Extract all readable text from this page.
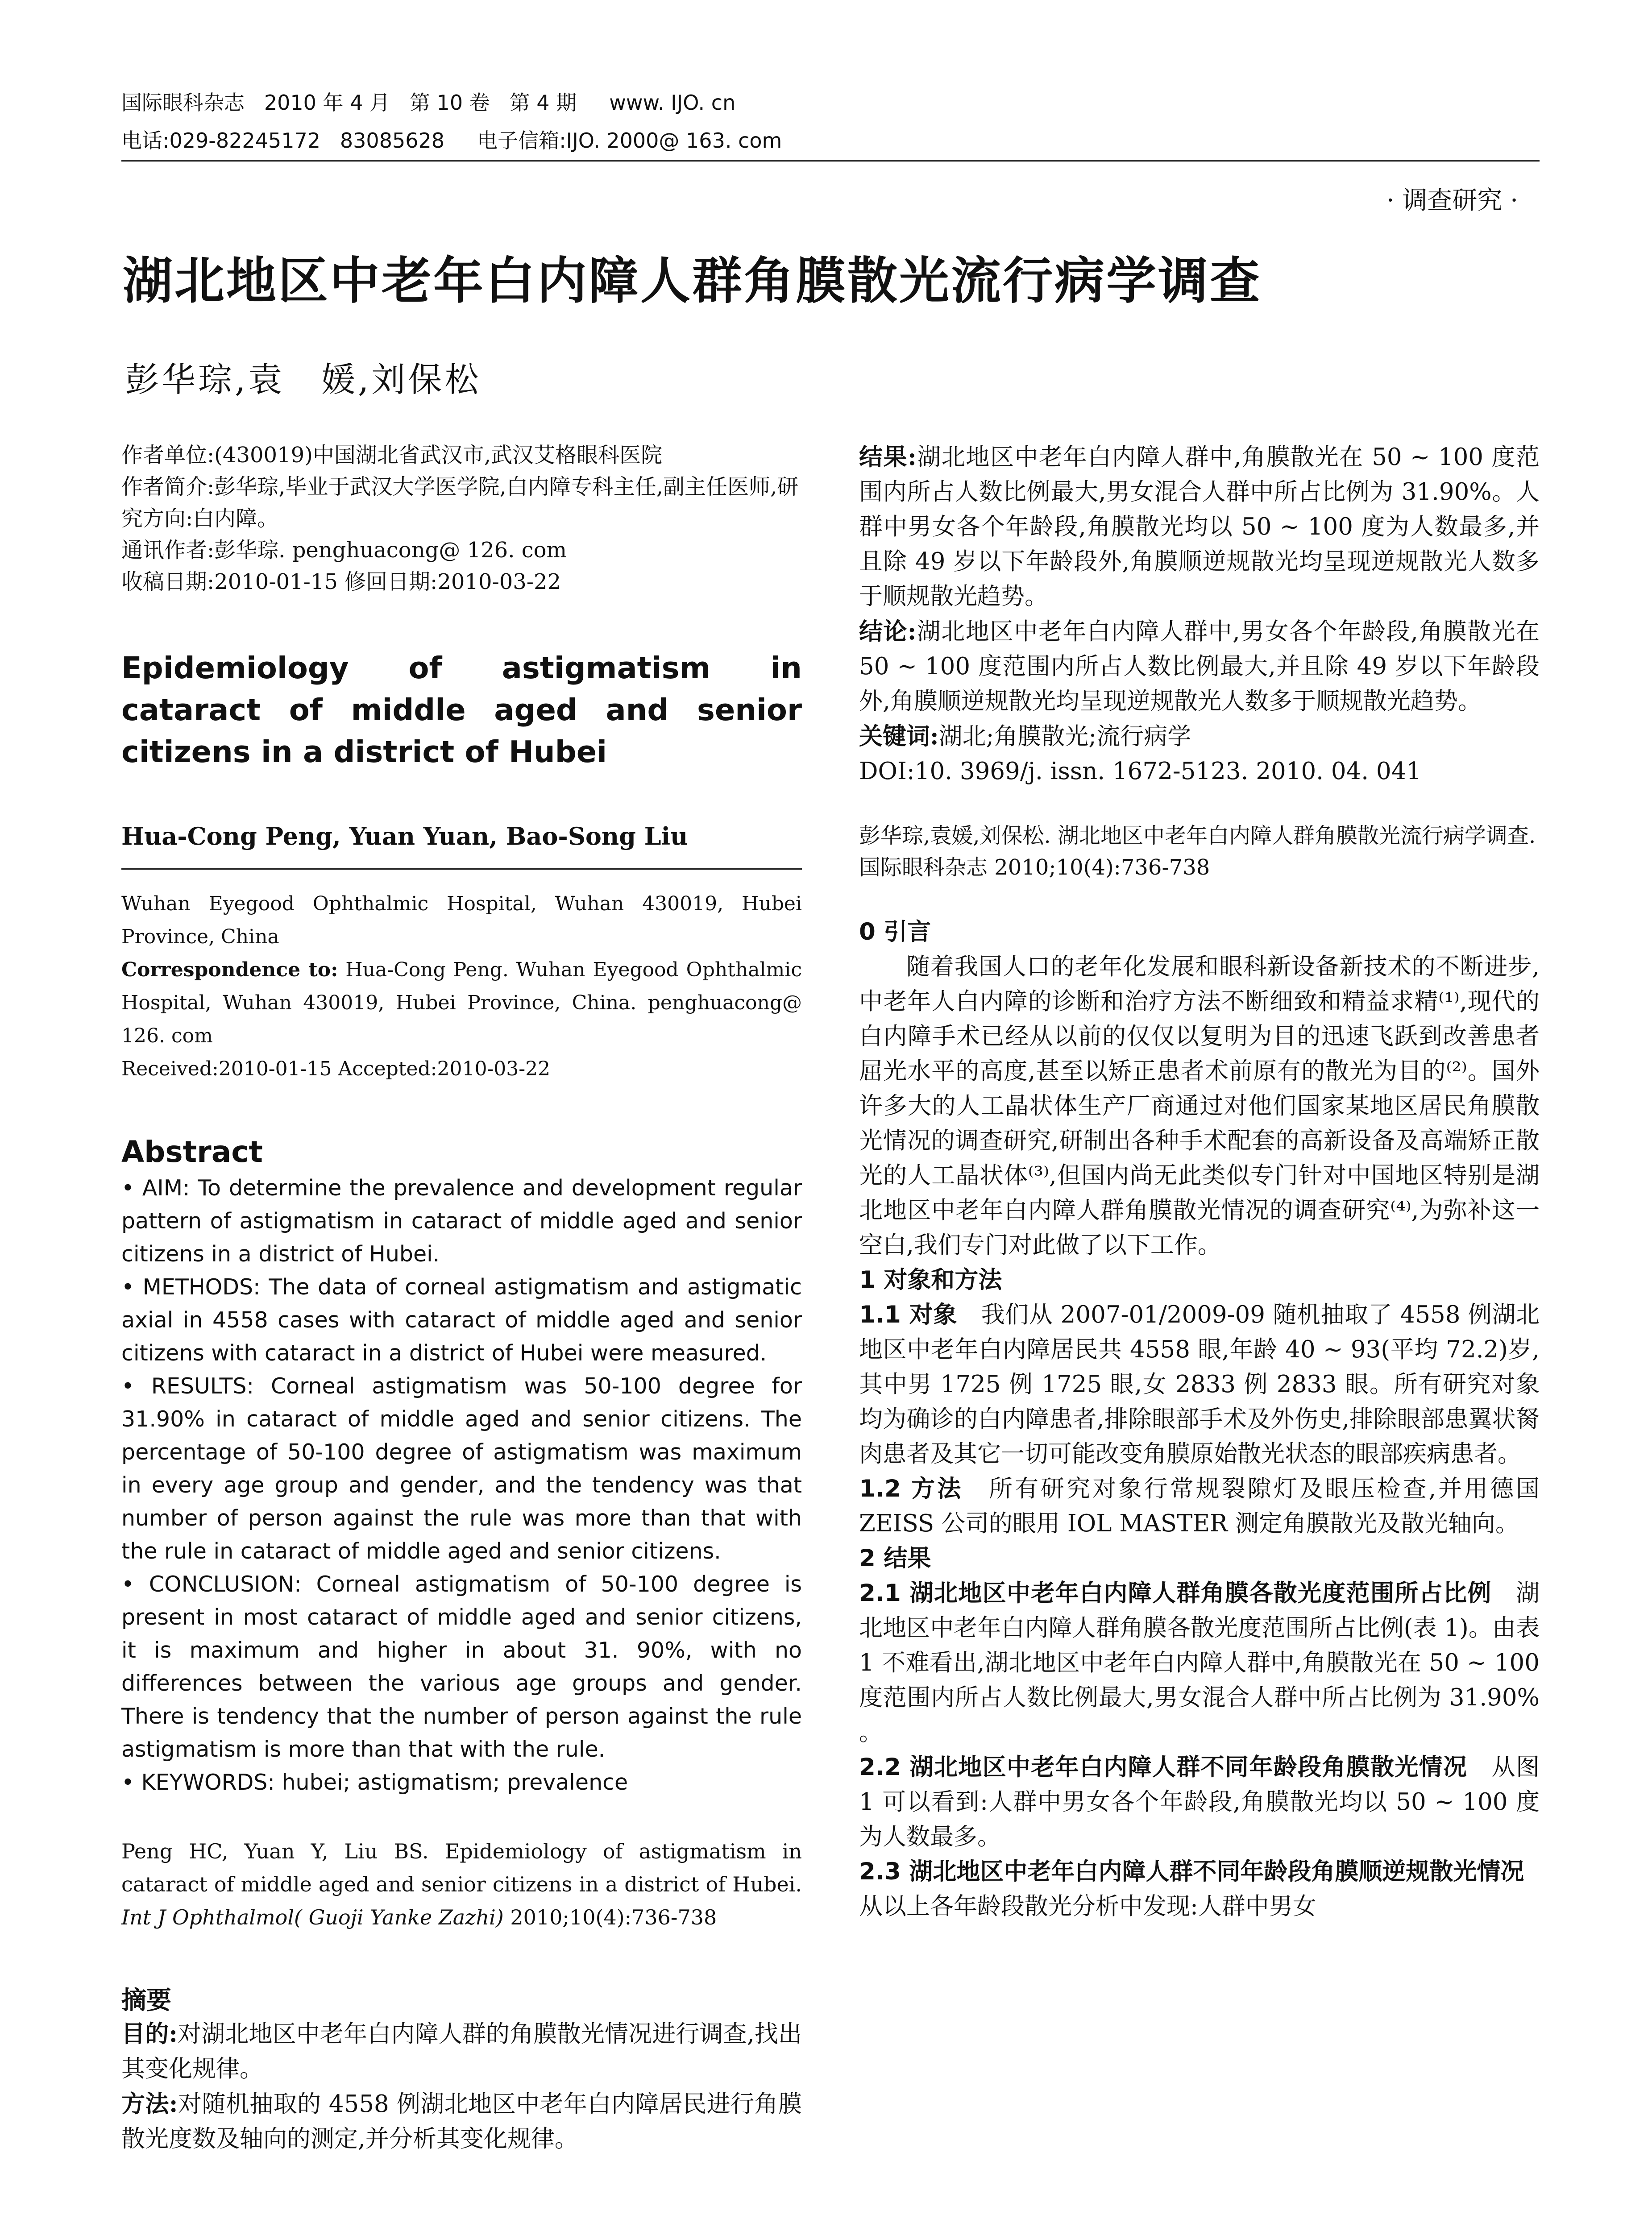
国际眼科杂志   2010 年 4 月   第 10 卷   第 4 期     www. IJO. cn
电话:029-82245172   83085628     电子信箱:IJO. 2000@ 163. com
· 调查研究 ·
湖北地区中老年白内障人群角膜散光流行病学调查
彭华琮,袁　媛,刘保松

作者单位:(430019)中国湖北省武汉市,武汉艾格眼科医院

作者简介:彭华琮,毕业于武汉大学医学院,白内障专科主任,副主任医师,研究方向:白内障。

通讯作者:彭华琮. penghuacong@ 126. com

收稿日期:2010-01-15 修回日期:2010-03-22

Epidemiology of astigmatism in cataract of middle aged and senior citizens in a district of Hubei
Hua-Cong Peng, Yuan Yuan, Bao-Song Liu

Wuhan Eyegood Ophthalmic Hospital, Wuhan 430019, Hubei Province, China

Correspondence to: Hua-Cong Peng. Wuhan Eyegood Ophthalmic Hospital, Wuhan 430019, Hubei Province, China. penghuacong@ 126. com

Received:2010-01-15 Accepted:2010-03-22

Abstract

• AIM: To determine the prevalence and development regular pattern of astigmatism in cataract of middle aged and senior citizens in a district of Hubei.

• METHODS: The data of corneal astigmatism and astigmatic axial in 4558 cases with cataract of middle aged and senior citizens with cataract in a district of Hubei were measured.

• RESULTS: Corneal astigmatism was 50-100 degree for 31.90% in cataract of middle aged and senior citizens. The percentage of 50-100 degree of astigmatism was maximum in every age group and gender, and the tendency was that number of person against the rule was more than that with the rule in cataract of middle aged and senior citizens.

• CONCLUSION: Corneal astigmatism of 50-100 degree is present in most cataract of middle aged and senior citizens, it is maximum and higher in about 31. 90%, with no differences between the various age groups and gender. There is tendency that the number of person against the rule astigmatism is more than that with the rule.

• KEYWORDS: hubei; astigmatism; prevalence

Peng HC, Yuan Y, Liu BS. Epidemiology of astigmatism in cataract of middle aged and senior citizens in a district of Hubei. Int J Ophthalmol( Guoji Yanke Zazhi) 2010;10(4):736-738

摘要

目的:对湖北地区中老年白内障人群的角膜散光情况进行调查,找出其变化规律。

方法:对随机抽取的 4558 例湖北地区中老年白内障居民进行角膜散光度数及轴向的测定,并分析其变化规律。

结果:湖北地区中老年白内障人群中,角膜散光在 50 ~ 100 度范围内所占人数比例最大,男女混合人群中所占比例为 31.90%。人群中男女各个年龄段,角膜散光均以 50 ~ 100 度为人数最多,并且除 49 岁以下年龄段外,角膜顺逆规散光均呈现逆规散光人数多于顺规散光趋势。

结论:湖北地区中老年白内障人群中,男女各个年龄段,角膜散光在 50 ~ 100 度范围内所占人数比例最大,并且除 49 岁以下年龄段外,角膜顺逆规散光均呈现逆规散光人数多于顺规散光趋势。

关键词:湖北;角膜散光;流行病学

DOI:10. 3969/j. issn. 1672-5123. 2010. 04. 041

彭华琮,袁媛,刘保松. 湖北地区中老年白内障人群角膜散光流行病学调查. 国际眼科杂志 2010;10(4):736-738

0 引言

随着我国人口的老年化发展和眼科新设备新技术的不断进步,中老年人白内障的诊断和治疗方法不断细致和精益求精⁽¹⁾,现代的白内障手术已经从以前的仅仅以复明为目的迅速飞跃到改善患者屈光水平的高度,甚至以矫正患者术前原有的散光为目的⁽²⁾。国外许多大的人工晶状体生产厂商通过对他们国家某地区居民角膜散光情况的调查研究,研制出各种手术配套的高新设备及高端矫正散光的人工晶状体⁽³⁾,但国内尚无此类似专门针对中国地区特别是湖北地区中老年白内障人群角膜散光情况的调查研究⁽⁴⁾,为弥补这一空白,我们专门对此做了以下工作。

1 对象和方法

1.1 对象　我们从 2007-01/2009-09 随机抽取了 4558 例湖北地区中老年白内障居民共 4558 眼,年龄 40 ~ 93(平均 72.2)岁,其中男 1725 例 1725 眼,女 2833 例 2833 眼。所有研究对象均为确诊的白内障患者,排除眼部手术及外伤史,排除眼部患翼状胬肉患者及其它一切可能改变角膜原始散光状态的眼部疾病患者。

1.2 方法　所有研究对象行常规裂隙灯及眼压检查,并用德国 ZEISS 公司的眼用 IOL MASTER 测定角膜散光及散光轴向。

2 结果

2.1 湖北地区中老年白内障人群角膜各散光度范围所占比例　湖北地区中老年白内障人群角膜各散光度范围所占比例(表 1)。由表 1 不难看出,湖北地区中老年白内障人群中,角膜散光在 50 ~ 100 度范围内所占人数比例最大,男女混合人群中所占比例为 31.90% 。

2.2 湖北地区中老年白内障人群不同年龄段角膜散光情况　从图 1 可以看到:人群中男女各个年龄段,角膜散光均以 50 ~ 100 度为人数最多。

2.3 湖北地区中老年白内障人群不同年龄段角膜顺逆规散光情况　从以上各年龄段散光分析中发现:人群中男女
